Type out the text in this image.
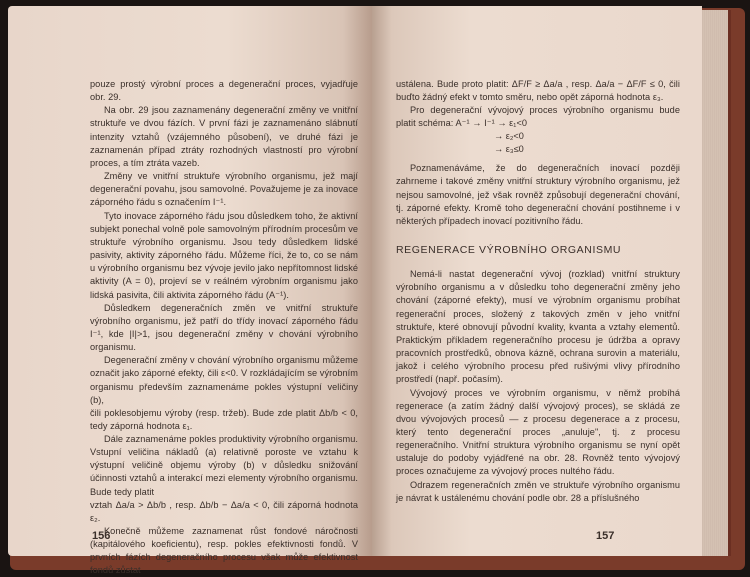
pouze prostý výrobní proces a degenerační proces, vyjadřuje obr. 29.

Na obr. 29 jsou zaznamenány degenerační změny ve vnitřní struktuře ve dvou fázích. V první fázi je zaznamenáno slábnutí intenzity vztahů (vzájemného působení), ve druhé fázi je zaznamenán případ ztráty rozhodných vlastností pro výrobní proces, a tím ztráta vazeb.

Změny ve vnitřní struktuře výrobního organismu, jež mají degenerační povahu, jsou samovolné. Považujeme je za inovace záporného řádu s označením I⁻¹.

Tyto inovace záporného řádu jsou důsledkem toho, že aktivní subjekt ponechal volně pole samovolným přírodním procesům ve struktuře výrobního organismu. Jsou tedy důsledkem lidské pasivity, aktivity záporného řádu. Můžeme říci, že to, co se nám u výrobního organismu bez vývoje jevilo jako nepřítomnost lidské aktivity (A = 0), projeví se v reálném výrobním organismu jako lidská pasivita, čili aktivita záporného řádu (A⁻¹).

Důsledkem degeneračních změn ve vnitřní struktuře výrobního organismu, jež patří do třídy inovací záporného řádu I⁻¹, kde |I|>1, jsou degenerační změny v chování výrobního organismu.

Degenerační změny v chování výrobního organismu můžeme označit jako záporné efekty, čili ε<0. V rozkládajícím se výrobním organismu především zaznamenáme pokles výstupní veličiny (b),

čili poklesobjemu výroby (resp. tržeb). Bude zde platit Δb/b < 0, tedy záporná hodnota ε₁.

Dále zaznamenáme pokles produktivity výrobního organismu. Vstupní veličina nákladů (a) relativně poroste ve vztahu k výstupní veličině objemu výroby (b) v důsledku snižování účinnosti vztahů a interakcí mezi elementy výrobního organismu. Bude tedy platit

vztah Δa/a > Δb/b , resp. Δb/b − Δa/a < 0, čili záporná hodnota ε₂.

Konečně můžeme zaznamenat růst fondové náročnosti (kapitálového koeficientu), resp. pokles efektivnosti fondů. V prvních fázích degeneračního procesu však může efektivnost fondů zůstat

156

ustálena. Bude proto platit: ΔF/F ≥ Δa/a , resp. Δa/a − ΔF/F ≤ 0, čili buďto žádný efekt v tomto směru, nebo opět záporná hodnota ε₃.

Pro degenerační vývojový proces výrobního organismu bude platit schéma: A⁻¹ → I⁻¹ → ε₁<0

→ ε₂<0
→ ε₃≤0

Poznamenáváme, že do degeneračních inovací později zahrneme i takové změny vnitřní struktury výrobního organismu, jež nejsou samovolné, jež však rovněž způsobují degenerační chování, tj. záporné efekty. Kromě toho degenerační chování postihneme i v některých případech inovací pozitivního řádu.

REGENERACE VÝROBNÍHO ORGANISMU

Nemá-li nastat degenerační vývoj (rozklad) vnitřní struktury výrobního organismu a v důsledku toho degenerační změny jeho chování (záporné efekty), musí ve výrobním organismu probíhat regenerační proces, složený z takových změn v jeho vnitřní struktuře, které obnovují původní kvality, kvanta a vztahy elementů. Praktickým příkladem regeneračního procesu je údržba a opravy pracovních prostředků, obnova kázně, ochrana surovin a materiálu, jakož i celého výrobního procesu před rušivými vlivy přírodního prostředí (např. počasím).

Vývojový proces ve výrobním organismu, v němž probíhá regenerace (a zatím žádný další vývojový proces), se skládá ze dvou vývojových procesů — z procesu degenerace a z procesu, který tento degenerační proces „anuluje", tj. z procesu regeneračního. Vnitřní struktura výrobního organismu se nyní opět ustaluje do podoby vyjádřené na obr. 28. Rovněž tento vývojový proces označujeme za vývojový proces nultého řádu.

Odrazem regeneračních změn ve struktuře výrobního organismu je návrat k ustálenému chování podle obr. 28 a příslušného

157
